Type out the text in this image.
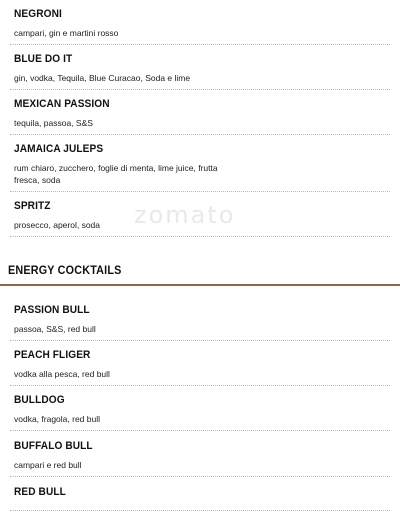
NEGRONI
campari, gin e martini rosso
BLUE DO IT
gin, vodka, Tequila, Blue Curacao, Soda e lime
MEXICAN PASSION
tequila, passoa, S&S
JAMAICA JULEPS
rum chiaro, zucchero, foglie di menta, lime juice, frutta fresca, soda
SPRITZ
prosecco, aperol, soda	zomato
ENERGY COCKTAILS
PASSION BULL
passoa, S&S, red bull
PEACH FLIGER
vodka alla pesca, red bull
BULLDOG
vodka, fragola, red bull
BUFFALO BULL
campari e red bull
RED BULL
